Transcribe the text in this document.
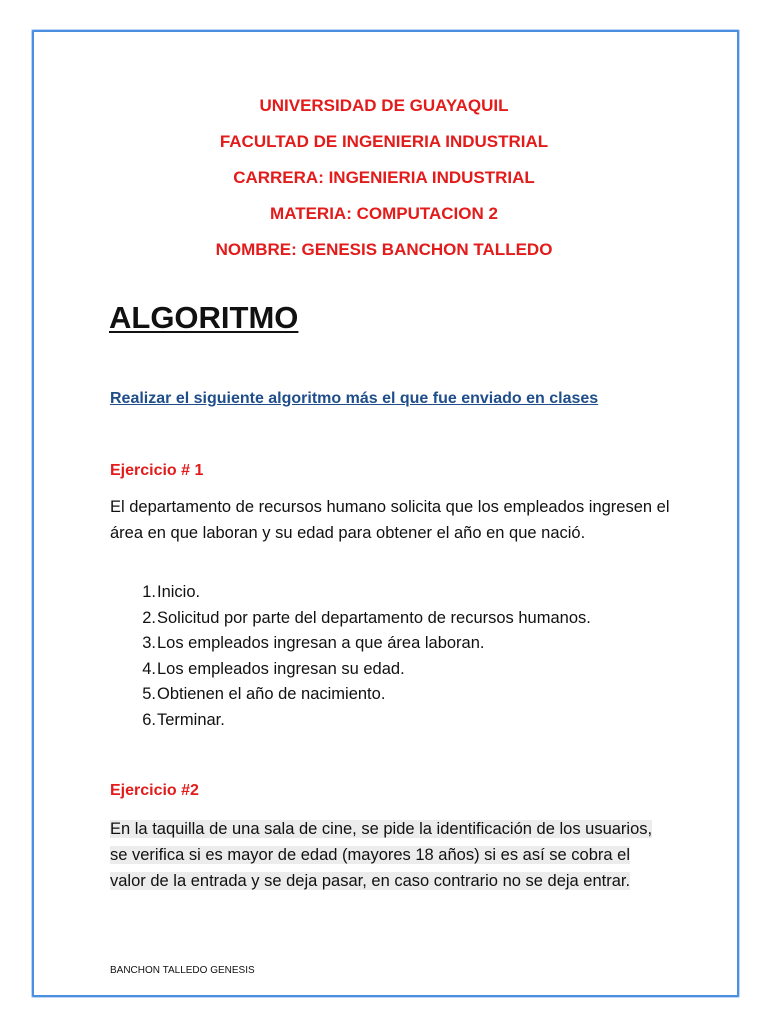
UNIVERSIDAD DE GUAYAQUIL
FACULTAD DE INGENIERIA INDUSTRIAL
CARRERA: INGENIERIA INDUSTRIAL
MATERIA: COMPUTACION 2
NOMBRE: GENESIS BANCHON TALLEDO
ALGORITMO

Realizar el siguiente algoritmo más el que fue enviado en clases

Ejercicio # 1

El departamento de recursos humano solicita que los empleados ingresen el área en que laboran y su edad para obtener el año en que nació.

1. Inicio.
2. Solicitud por parte del departamento de recursos humanos.
3. Los empleados ingresan a que área laboran.
4. Los empleados ingresan su edad.
5. Obtienen el año de nacimiento.
6. Terminar.
Ejercicio #2

En la taquilla de una sala de cine, se pide la identificación de los usuarios, se verifica si es mayor de edad (mayores 18 años) si es así se cobra el valor de la entrada y se deja pasar, en caso contrario no se deja entrar.

BANCHON TALLEDO GENESIS
